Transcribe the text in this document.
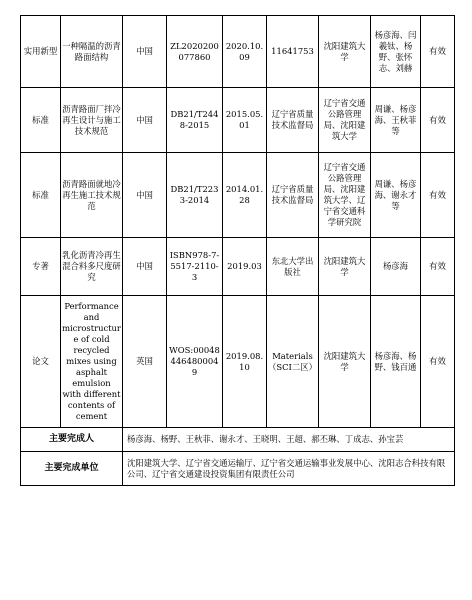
实用新型	一种隔温的沥青路面结构	中国	ZL2020200077860	2020.10.09	11641753	沈阳建筑大学	杨彦海、闫羲钛、杨野、张怀志、刘赫	有效
标准	沥青路面厂拌冷再生设计与施工技术规范	中国	DB21/T2448-2015	2015.05.01	辽宁省质量技术监督局	辽宁省交通公路管理局、沈阳建筑大学	周谦、杨彦海、王秋菲等	有效
标准	沥青路面就地冷再生施工技术规范	中国	DB21/T2233-2014	2014.01.28	辽宁省质量技术监督局	辽宁省交通公路管理局、沈阳建筑大学、辽宁省交通科学研究院	周谦、杨彦海、谢永才等	有效
专著	乳化沥青冷再生混合料多尺度研究	中国	ISBN978-7-5517-2110-3	2019.03	东北大学出版社	沈阳建筑大学	杨彦海	有效
论文	Performance and microstructure of cold recycled mixes using asphalt emulsion with different contents of cement	英国	WOS:000484464800049	2019.08.10	Materials（SCI二区）	沈阳建筑大学	杨彦海、杨野、钱百通	有效
主要完成人		杨彦海、杨野、王秋菲、谢永才、王晓明、王超、郝丕琳、丁成志、孙宝芸						
主要完成单位		沈阳建筑大学、辽宁省交通运输厅、辽宁省交通运输事业发展中心、沈阳志合科技有限公司、辽宁省交通建设投资集团有限责任公司						
